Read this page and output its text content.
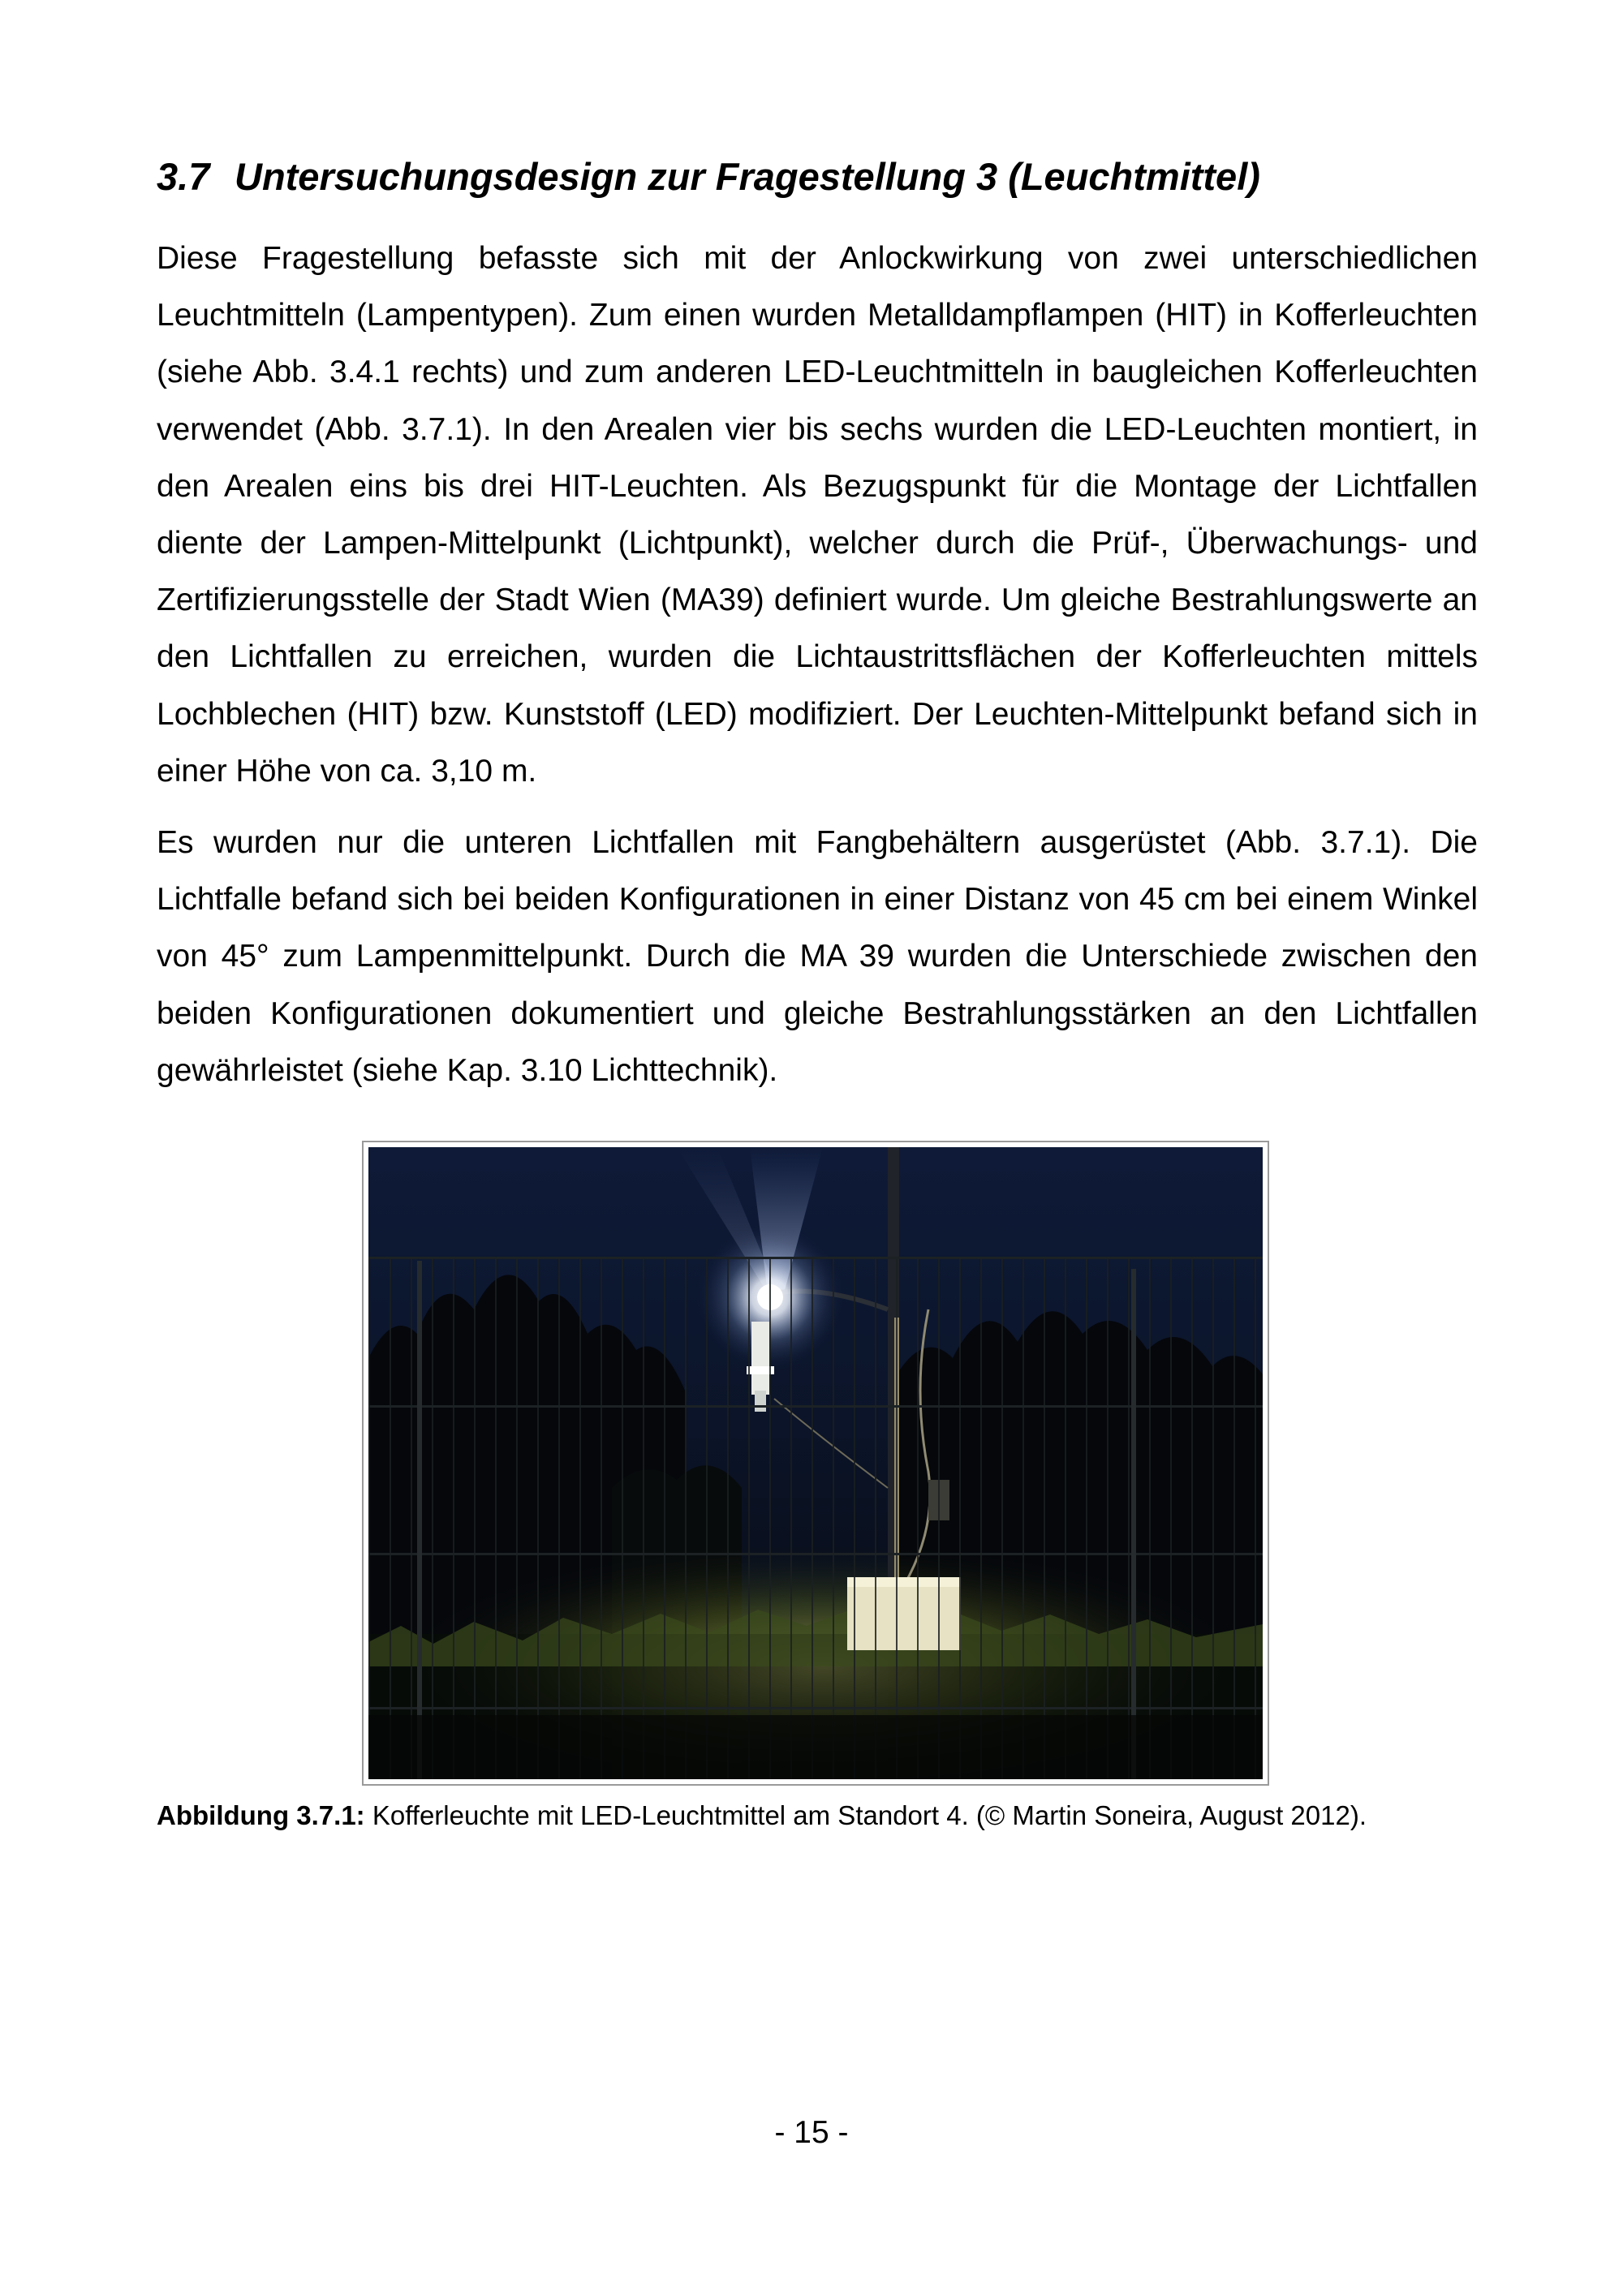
3.7 Untersuchungsdesign zur Fragestellung 3 (Leuchtmittel)

Diese Fragestellung befasste sich mit der Anlockwirkung von zwei unterschiedlichen Leuchtmitteln (Lampentypen). Zum einen wurden Metalldampflampen (HIT) in Kofferleuchten (siehe Abb. 3.4.1 rechts) und zum anderen LED-Leuchtmitteln in baugleichen Kofferleuchten verwendet (Abb. 3.7.1). In den Arealen vier bis sechs wurden die LED-Leuchten montiert, in den Arealen eins bis drei HIT-Leuchten. Als Bezugspunkt für die Montage der Lichtfallen diente der Lampen-Mittelpunkt (Lichtpunkt), welcher durch die Prüf-, Überwachungs- und Zertifizierungsstelle der Stadt Wien (MA39) definiert wurde. Um gleiche Bestrahlungswerte an den Lichtfallen zu erreichen, wurden die Lichtaustrittsflächen der Kofferleuchten mittels Lochblechen (HIT) bzw. Kunststoff (LED) modifiziert. Der Leuchten-Mittelpunkt befand sich in einer Höhe von ca. 3,10 m.

Es wurden nur die unteren Lichtfallen mit Fangbehältern ausgerüstet (Abb. 3.7.1). Die Lichtfalle befand sich bei beiden Konfigurationen in einer Distanz von 45 cm bei einem Winkel von 45° zum Lampenmittelpunkt. Durch die MA 39 wurden die Unterschiede zwischen den beiden Konfigurationen dokumentiert und gleiche Bestrahlungsstärken an den Lichtfallen gewährleistet (siehe Kap. 3.10 Lichttechnik).

Abbildung 3.7.1: Kofferleuchte mit LED-Leuchtmittel am Standort 4. (© Martin Soneira, August 2012).

- 15 -
